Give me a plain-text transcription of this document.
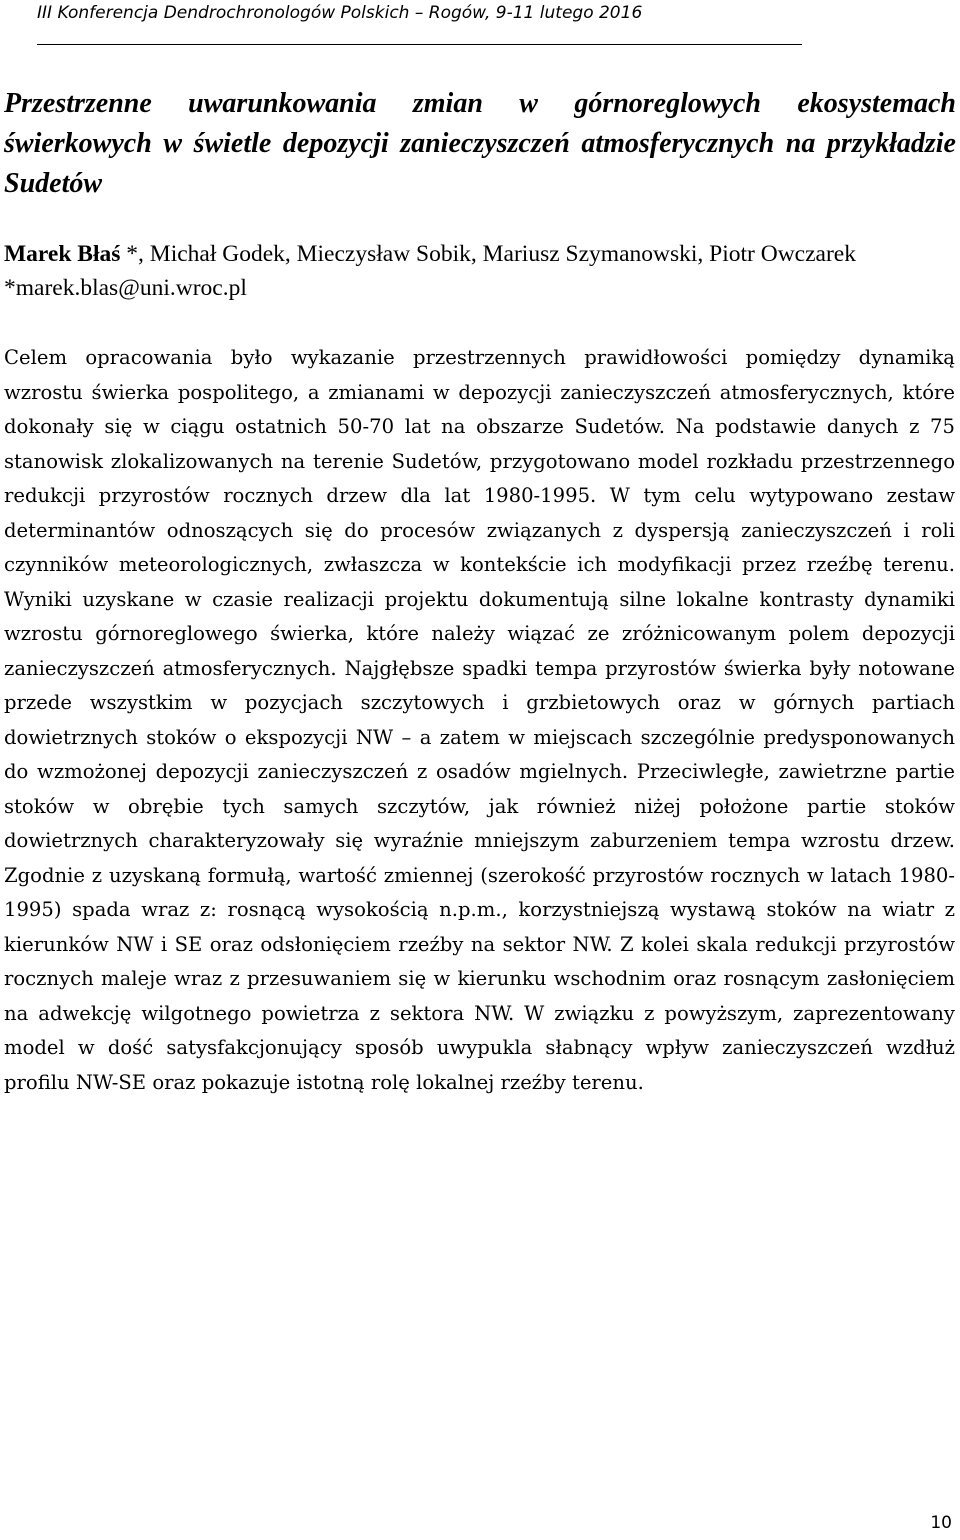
III Konferencja Dendrochronologów Polskich – Rogów, 9-11 lutego 2016
Przestrzenne uwarunkowania zmian w górnoreglowych ekosystemach świerkowych w świetle depozycji zanieczyszczeń atmosferycznych na przykładzie Sudetów
Marek Błaś *, Michał Godek, Mieczysław Sobik, Mariusz Szymanowski, Piotr Owczarek
*marek.blas@uni.wroc.pl

Celem opracowania było wykazanie przestrzennych prawidłowości pomiędzy dynamiką wzrostu świerka pospolitego, a zmianami w depozycji zanieczyszczeń atmosferycznych, które dokonały się w ciągu ostatnich 50-70 lat na obszarze Sudetów. Na podstawie danych z 75 stanowisk zlokalizowanych na terenie Sudetów, przygotowano model rozkładu przestrzennego redukcji przyrostów rocznych drzew dla lat 1980-1995. W tym celu wytypowano zestaw determinantów odnoszących się do procesów związanych z dyspersją zanieczyszczeń i roli czynników meteorologicznych, zwłaszcza w kontekście ich modyfikacji przez rzeźbę terenu. Wyniki uzyskane w czasie realizacji projektu dokumentują silne lokalne kontrasty dynamiki wzrostu górnoreglowego świerka, które należy wiązać ze zróżnicowanym polem depozycji zanieczyszczeń atmosferycznych. Najgłębsze spadki tempa przyrostów świerka były notowane przede wszystkim w pozycjach szczytowych i grzbietowych oraz w górnych partiach dowietrznych stoków o ekspozycji NW – a zatem w miejscach szczególnie predysponowanych do wzmożonej depozycji zanieczyszczeń z osadów mgielnych. Przeciwległe, zawietrzne partie stoków w obrębie tych samych szczytów, jak również niżej położone partie stoków dowietrznych charakteryzowały się wyraźnie mniejszym zaburzeniem tempa wzrostu drzew. Zgodnie z uzyskaną formułą, wartość zmiennej (szerokość przyrostów rocznych w latach 1980-1995) spada wraz z: rosnącą wysokością n.p.m., korzystniejszą wystawą stoków na wiatr z kierunków NW i SE oraz odsłonięciem rzeźby na sektor NW. Z kolei skala redukcji przyrostów rocznych maleje wraz z przesuwaniem się w kierunku wschodnim oraz rosnącym zasłonięciem na adwekcję wilgotnego powietrza z sektora NW. W związku z powyższym, zaprezentowany model w dość satysfakcjonujący sposób uwypukla słabnący wpływ zanieczyszczeń wzdłuż profilu NW-SE oraz pokazuje istotną rolę lokalnej rzeźby terenu.

10
